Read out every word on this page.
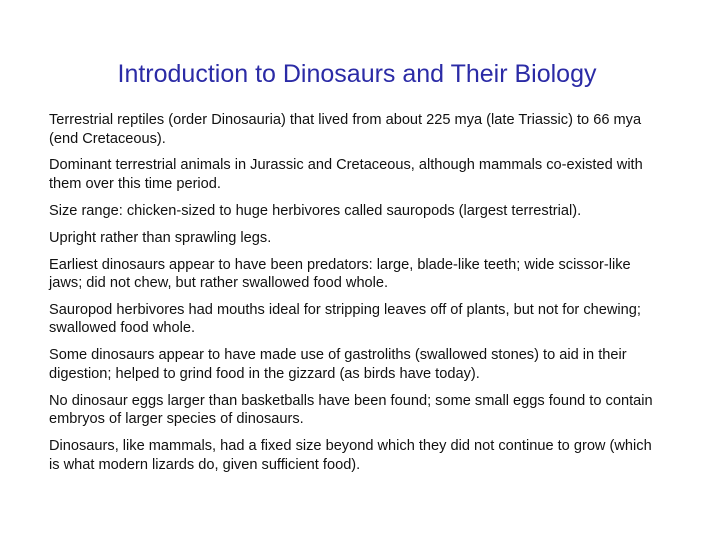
Introduction to Dinosaurs and Their Biology
Terrestrial reptiles (order Dinosauria) that lived from about 225 mya (late Triassic) to 66 mya (end Cretaceous).
Dominant terrestrial animals in Jurassic and Cretaceous, although mammals co-existed with them over this time period.
Size range: chicken-sized to huge herbivores called sauropods (largest terrestrial).
Upright rather than sprawling legs.
Earliest dinosaurs appear to have been predators: large, blade-like teeth; wide scissor-like jaws; did not chew, but rather swallowed food whole.
Sauropod herbivores had mouths ideal for stripping leaves off of plants, but not for chewing; swallowed food whole.
Some dinosaurs appear to have made use of gastroliths (swallowed stones) to aid in their digestion; helped to grind food in the gizzard (as birds have today).
No dinosaur eggs larger than basketballs have been found; some small eggs found to contain embryos of larger species of dinosaurs.
Dinosaurs, like mammals, had a fixed size beyond which they did not continue to grow (which is what modern lizards do, given sufficient food).
